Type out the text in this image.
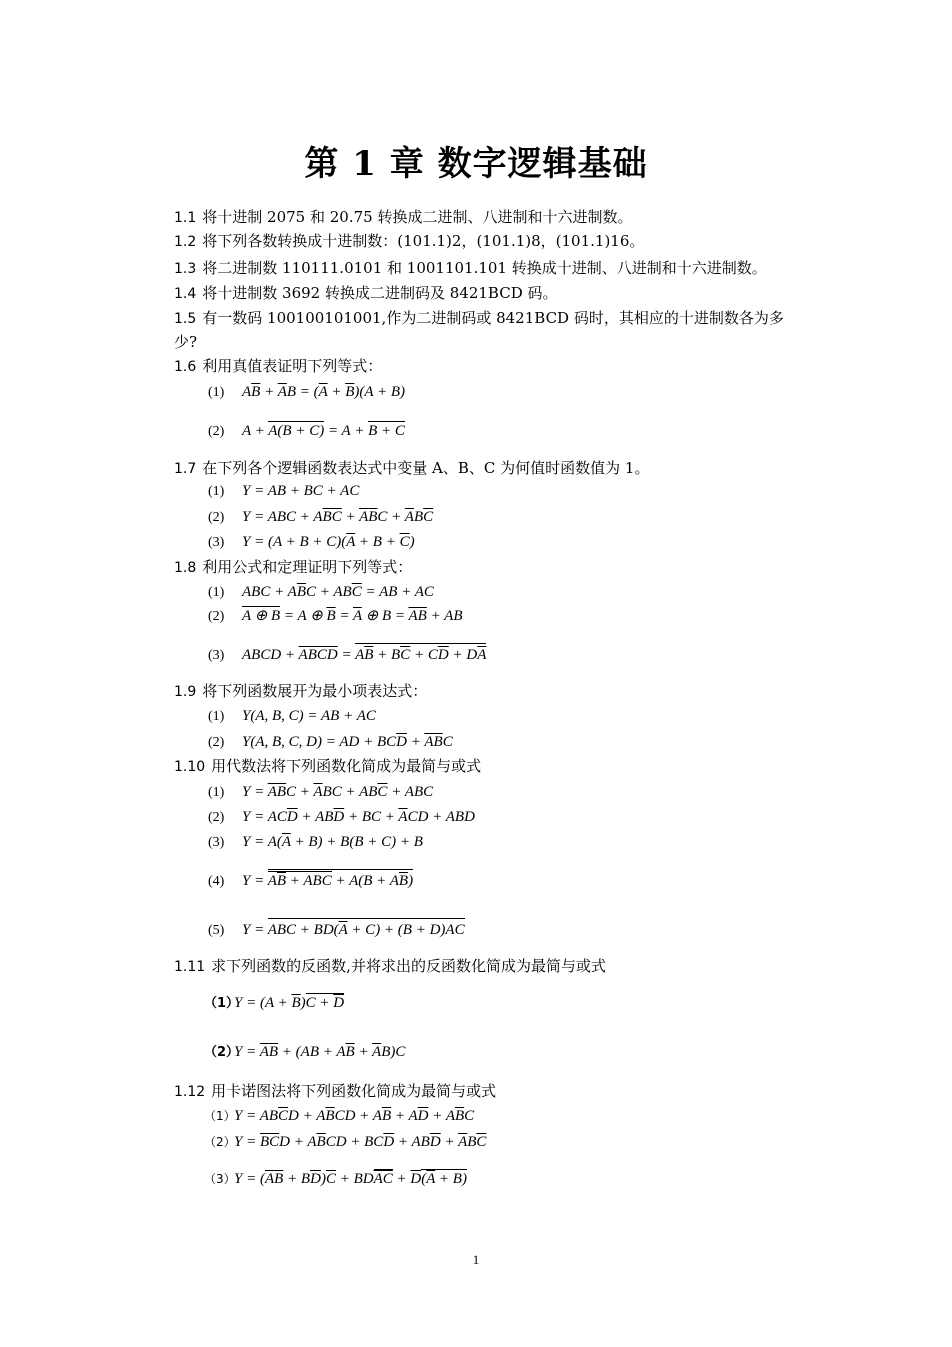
第 1 章 数字逻辑基础
1.1 将十进制 2075 和 20.75 转换成二进制、八进制和十六进制数。
1.2 将下列各数转换成十进制数：(101.1)2，(101.1)8，(101.1)16。
1.3 将二进制数 110111.0101 和 1001101.101 转换成十进制、八进制和十六进制数。
1.4 将十进制数 3692 转换成二进制码及 8421BCD 码。
1.5 有一数码 100100101001,作为二进制码或 8421BCD 码时，其相应的十进制数各为多
少?
1.6 利用真值表证明下列等式：
(1) $A\overline{B} + \overline{A}B = (\overline{A} + \overline{B})(A + B)$
(2) A + A(B + C) = A + B + C
1.7 在下列各个逻辑函数表达式中变量 A、B、C 为何值时函数值为 1。
(1) Y = AB + BC + AC
(2) Y = ABC + $A\overline{BC} + \overline{A}\overline{B}C + \overline{A}B\overline{C}$
(3) $Y = (A + B + C)(\overline{A} + B + \overline{C})$
1.8 利用公式和定理证明下列等式：
(1) ABC + $A\overline{B}C + AB\overline{C}$ = AB + AC
(2) A ⊕ B = A ⊕ $\overline{B} = \overline{A}$ ⊕ $B = \overline{A}\overline{B}$ + AB
(3) ABCD + $\overline{A}\overline{B}\overline{C}\overline{D} = A\overline{B} + B\overline{C} + C\overline{D} + D\overline{A}$
1.9 将下列函数展开为最小项表达式：
(1) Y(A, B, C) = AB + AC
(2) Y(A, B, C, D) = AD + $BC\overline{D} + \overline{A}\overline{B}C$
1.10 用代数法将下列函数化简成为最简与或式
(1) $Y = \overline{A}\overline{B}C + \overline{A}BC + AB\overline{C}$ + ABC
(2) $Y = AC\overline{D} + AB\overline{D}$ + BC + $\overline{A}CD$ + ABD
(3) $Y = A(\overline{A} + B) + B(B + C) + B$
(4) $Y = A\overline{B}$ + ABC + $A(B + A\overline{B})$
(5) Y = ABC + $BD(\overline{A} + C) + (B + D)AC$
1.11 求下列函数的反函数,并将求出的反函数化简成为最简与或式
$(1)Y = (A + \overline{B})C + \overline{D}$
$(2)Y = \overline{A}\overline{B} + (AB + A\overline{B} + \overline{A}B)C$
1.12 用卡诺图法将下列函数化简成为最简与或式
$(1)Y = AB\overline{C}D + A\overline{B}CD + A\overline{B} + A\overline{D} + A\overline{B}C$
$(2)Y = \overline{B}\overline{C}D + A\overline{B}CD + BC\overline{D} + AB\overline{D} + \overline{A}B\overline{C}$
$(3)Y = (\overline{A}\overline{B} + B\overline{D})\overline{C} + BD\overline{A}\overline{C} + \overline{D}(\overline{A} + B)$
1
